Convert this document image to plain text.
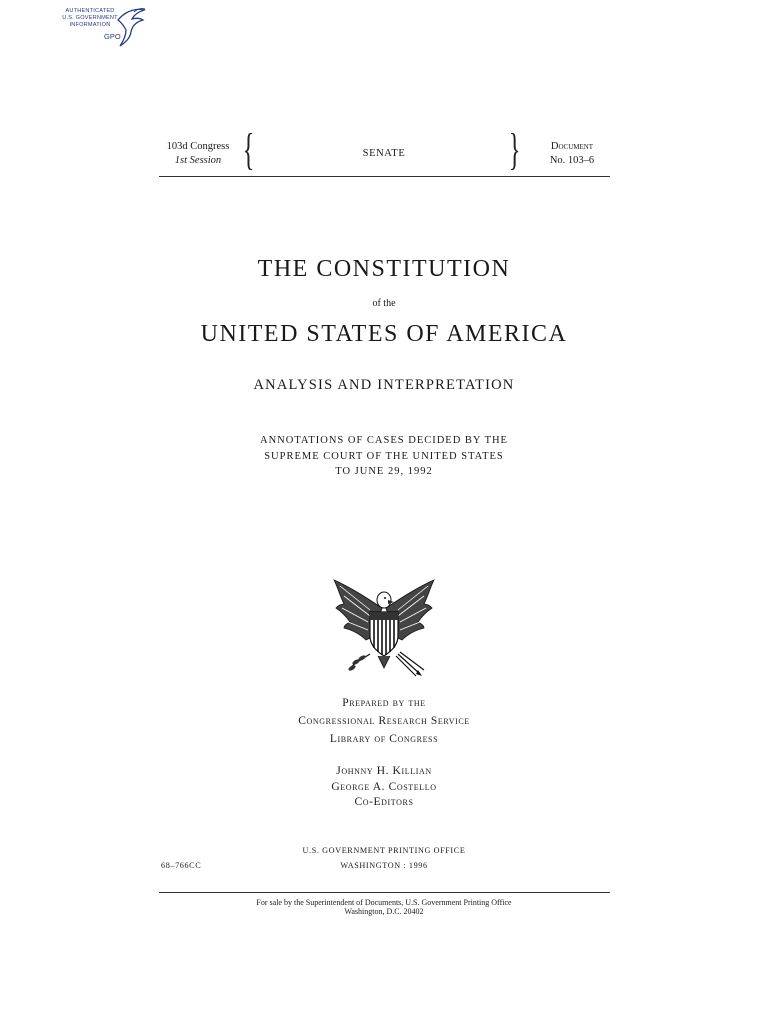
AUTHENTICATED
U.S. GOVERNMENT
INFORMATION
GPO
103d Congress
1st Session {	SENATE	}	Document
No. 103–6
THE CONSTITUTION
of the
UNITED STATES OF AMERICA
ANALYSIS AND INTERPRETATION
ANNOTATIONS OF CASES DECIDED BY THE
SUPREME COURT OF THE UNITED STATES
TO JUNE 29, 1992
Prepared by the
Congressional Research Service
Library of Congress
Johnny H. Killian
George A. Costello
Co-Editors
U.S. GOVERNMENT PRINTING OFFICE
WASHINGTON : 1996
68–766CC
For sale by the Superintendent of Documents, U.S. Government Printing Office
Washington, D.C. 20402
